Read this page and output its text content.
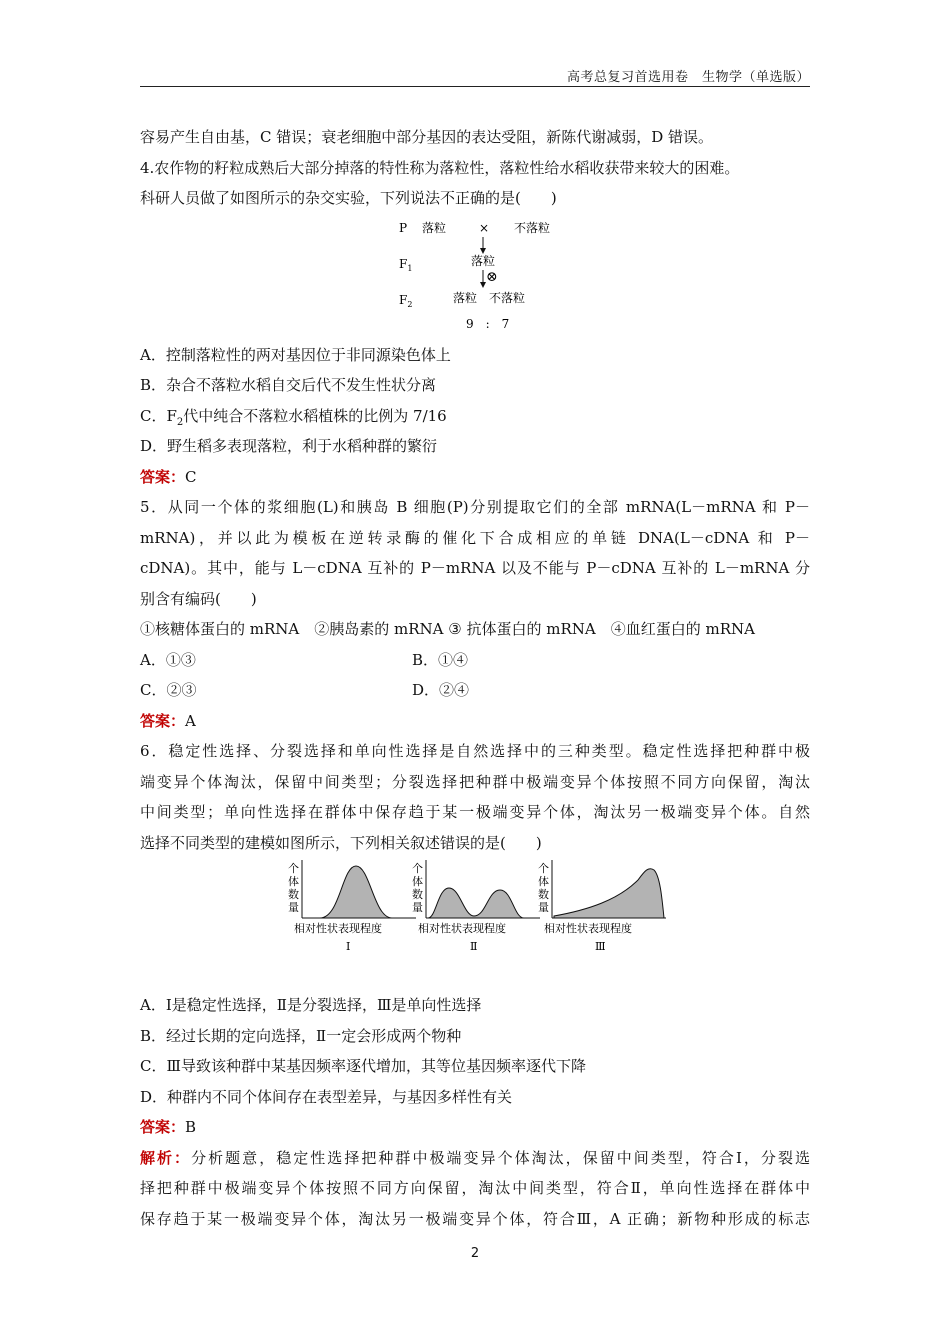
高考总复习首选用卷　生物学（单选版）
容易产生自由基，C 错误；衰老细胞中部分基因的表达受阻，新陈代谢减弱，D 错误。
4.农作物的籽粒成熟后大部分掉落的特性称为落粒性，落粒性给水稻收获带来较大的困难。
科研人员做了如图所示的杂交实验，下列说法不正确的是(　　)
P 落粒	× 不落粒
$F_1$
落粒
⊗
$F_2$	落粒 不落粒
9　:　7
A．控制落粒性的两对基因位于非同源染色体上
B．杂合不落粒水稻自交后代不发生性状分离
C．$F_2$代中纯合不落粒水稻植株的比例为 7/16
D．野生稻多表现落粒，利于水稻种群的繁衍
答案：C
5．从同一个体的浆细胞(L)和胰岛 B 细胞(P)分别提取它们的全部 mRNA(L－mRNA 和 P－
mRNA)，并以此为模板在逆转录酶的催化下合成相应的单链 DNA(L－cDNA 和 P－
cDNA)。其中，能与 L－cDNA 互补的 P－mRNA 以及不能与 P－cDNA 互补的 L－mRNA 分
别含有编码(　　)
①核糖体蛋白的 mRNA　②胰岛素的 mRNA ③ 抗体蛋白的 mRNA　④血红蛋白的 mRNA
A．①③	B．①④
C．②③	D．②④
答案：A
6．稳定性选择、分裂选择和单向性选择是自然选择中的三种类型。稳定性选择把种群中极
端变异个体淘汰，保留中间类型；分裂选择把种群中极端变异个体按照不同方向保留，淘汰
中间类型；单向性选择在群体中保存趋于某一极端变异个体，淘汰另一极端变异个体。自然
选择不同类型的建模如图所示，下列相关叙述错误的是(　　)
个
体
数
量
相对性状表现程度
Ⅰ
个
体
数
量
相对性状表现程度
Ⅱ
个
体
数
量
相对性状表现程度
Ⅲ
A．Ⅰ是稳定性选择，Ⅱ是分裂选择，Ⅲ是单向性选择
B．经过长期的定向选择，Ⅱ一定会形成两个物种
C．Ⅲ导致该种群中某基因频率逐代增加，其等位基因频率逐代下降
D．种群内不同个体间存在表型差异，与基因多样性有关
答案：B
解析：分析题意，稳定性选择把种群中极端变异个体淘汰，保留中间类型，符合Ⅰ，分裂选
择把种群中极端变异个体按照不同方向保留，淘汰中间类型，符合Ⅱ，单向性选择在群体中
保存趋于某一极端变异个体，淘汰另一极端变异个体，符合Ⅲ，A 正确；新物种形成的标志
2
